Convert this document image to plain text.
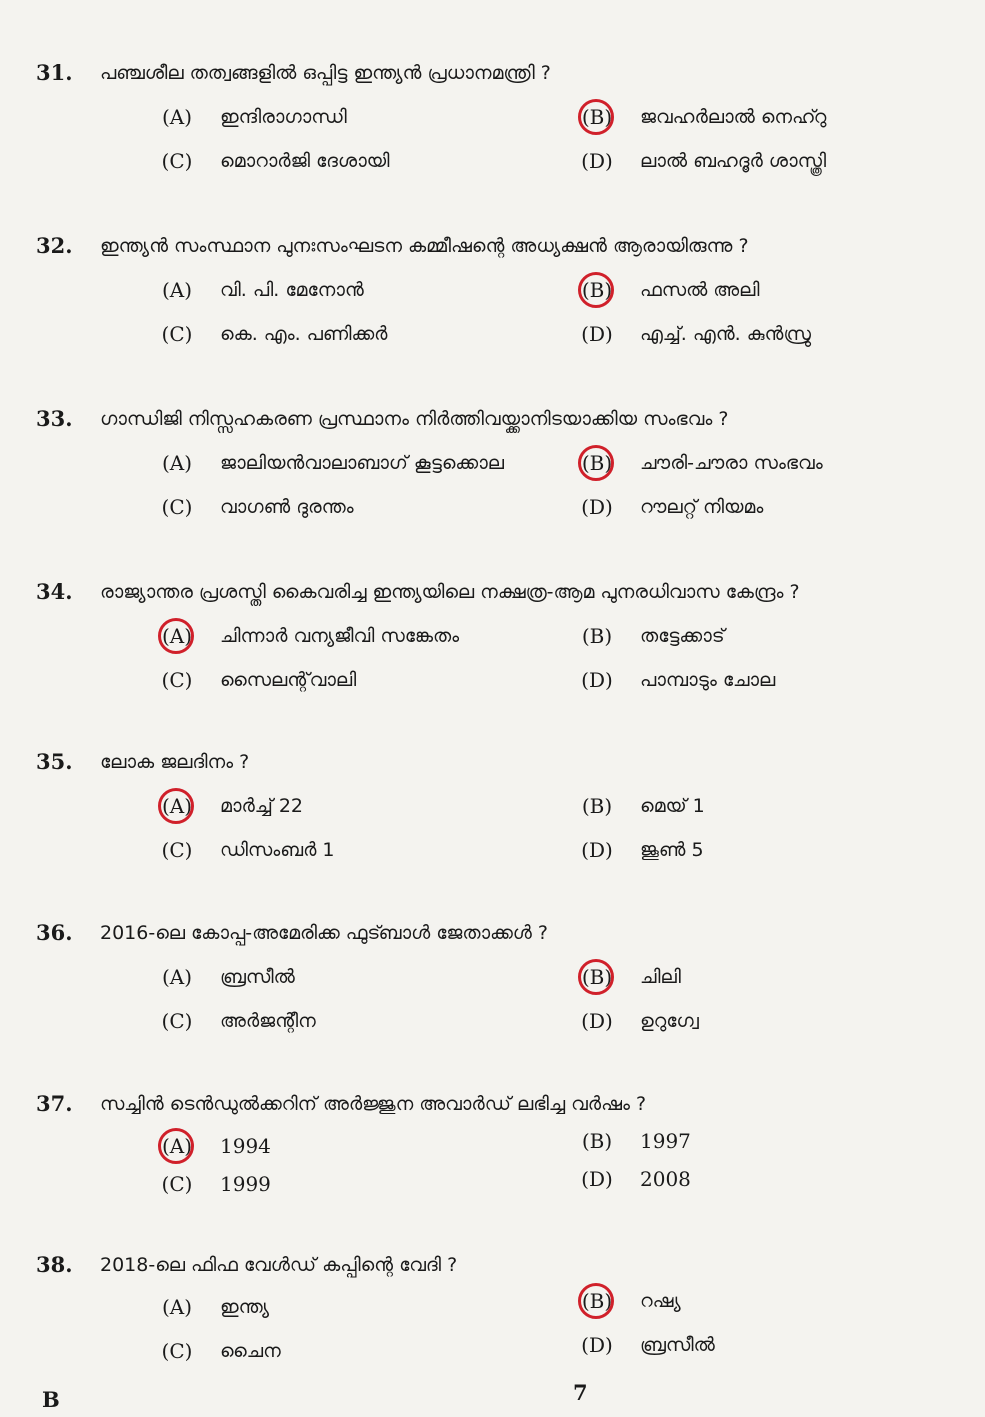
31. പഞ്ചശീല തത്വങ്ങളിൽ ഒപ്പിട്ട ഇന്ത്യൻ പ്രധാനമന്ത്രി ?
(A) ഇന്ദിരാഗാന്ധി	(B) ജവഹർലാൽ നെഹ്റു
(C) മൊറാർജി ദേശായി	(D) ലാൽ ബഹദൂർ ശാസ്ത്രി
32. ഇന്ത്യൻ സംസ്ഥാന പുനഃസംഘടന കമ്മീഷന്റെ അധ്യക്ഷൻ ആരായിരുന്നു ?
(A) വി. പി. മേനോൻ	(B) ഫസൽ അലി
(C) കെ. എം. പണിക്കർ	(D) എച്ച്. എൻ. കുൻസ്രു
33. ഗാന്ധിജി നിസ്സഹകരണ പ്രസ്ഥാനം നിർത്തിവയ്ക്കാനിടയാക്കിയ സംഭവം ?
(A) ജാലിയൻവാലാബാഗ് കൂട്ടക്കൊല	(B) ചൗരി-ചൗരാ സംഭവം
(C) വാഗൺ ദുരന്തം	(D) റൗലറ്റ് നിയമം
34. രാജ്യാന്തര പ്രശസ്തി കൈവരിച്ച ഇന്ത്യയിലെ നക്ഷത്ര-ആമ പുനരധിവാസ കേന്ദ്രം ?
(A) ചിന്നാർ വന്യജീവി സങ്കേതം	(B) തട്ടേക്കാട്
(C) സൈലന്റ്‌വാലി	(D) പാമ്പാടും ചോല
35. ലോക ജലദിനം ?
(A) മാർച്ച് 22	(B) മെയ് 1
(C) ഡിസംബർ 1	(D) ജൂൺ 5
36. 2016-ലെ കോപ്പ-അമേരിക്ക ഫുട്ബാൾ ജേതാക്കൾ ?
(A) ബ്രസീൽ	(B) ചിലി
(C) അർജന്റീന	(D) ഉറുഗ്വേ
37. സച്ചിൻ ടെൻഡുൽക്കറിന് അർജ്ജുന അവാർഡ് ലഭിച്ച വർഷം ?
(A) 1994	(B) 1997
(C) 1999	(D) 2008
38. 2018-ലെ ഫിഫ വേൾഡ് കപ്പിന്റെ വേദി ?
(A) ഇന്ത്യ	(B) റഷ്യ
(C) ചൈന	(D) ബ്രസീൽ
B	7
